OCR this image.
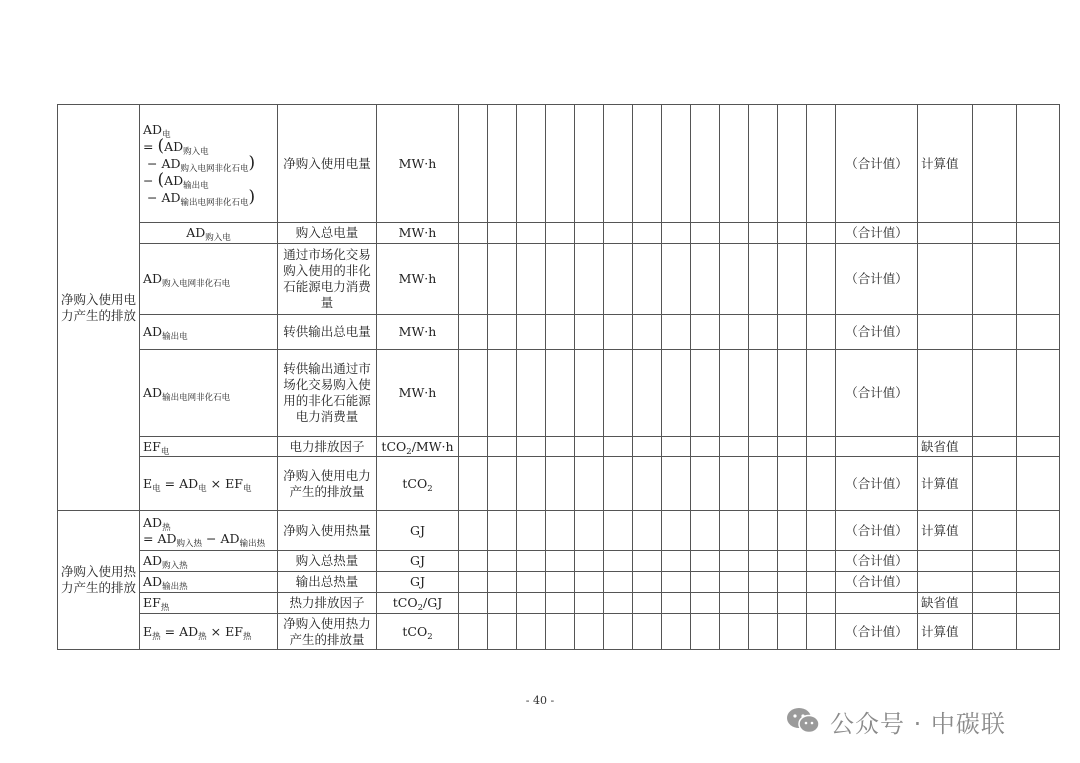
净购入使用电力产生的排放	$AD_电$
= ($AD_{购入电}$
− $AD_{购入电网非化石电}$)
− ($AD_{输出电}$
− $AD_{输出电网非化石电}$)	净购入使用电量	MW·h														（合计值）	计算值		
	$AD_{购入电}$	购入总电量	MW·h														（合计值）			
	$AD_{购入电网非化石电}$	通过市场化交易购入使用的非化石能源电力消费量	MW·h														（合计值）			
	$AD_{输出电}$	转供输出总电量	MW·h														（合计值）			
	$AD_{输出电网非化石电}$	转供输出通过市场化交易购入使用的非化石能源电力消费量	MW·h														（合计值）			
	$EF_电$	电力排放因子	tCO$_2$/MW·h															缺省值		
	$E_电 = AD_电 \times EF_电$	净购入使用电力产生的排放量	tCO$_2$														（合计值）	计算值		
净购入使用热力产生的排放	$AD_热$
= $AD_{购入热} - AD_{输出热}$	净购入使用热量	GJ														（合计值）	计算值		
	$AD_{购入热}$	购入总热量	GJ														（合计值）			
	$AD_{输出热}$	输出总热量	GJ														（合计值）			
	$EF_热$	热力排放因子	tCO$_2$/GJ															缺省值		
	$E_热 = AD_热 \times EF_热$	净购入使用热力产生的排放量	tCO$_2$														（合计值）	计算值		
- 40 -
公众号 · 中碳联
